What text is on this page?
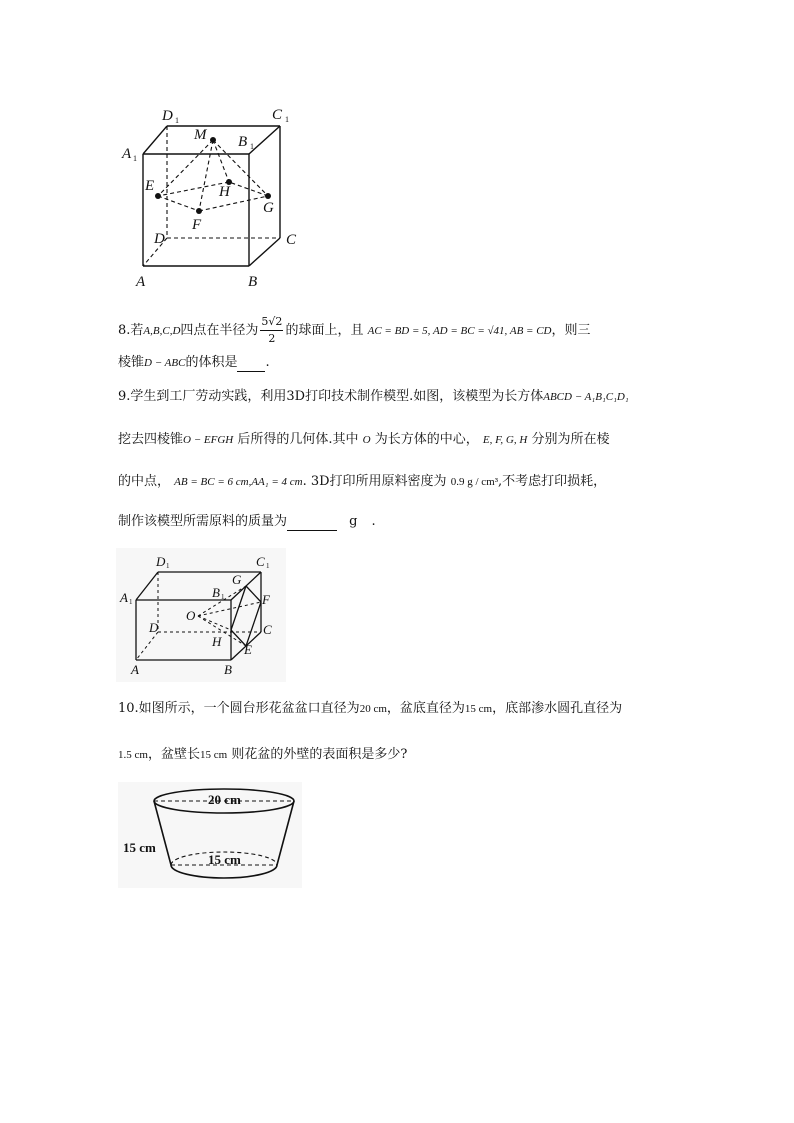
D 1	C 1
A 1
B 1
M
E	H
G
F
D	C
A	B
8.若A,B,C,D四点在半径为 $\frac{5√2}{2}$ 的球面上，且 AC = BD = 5, AD = BC = √41, AB = CD，则三
棱锥D − ABC的体积是 .
9.学生到工厂劳动实践，利用3D打印技术制作模型.如图，该模型为长方体ABCD − A₁B₁C₁D₁
挖去四棱锥O − EFGH 后所得的几何体.其中 O 为长方体的中心， E, F, G, H 分别为所在棱
的中点， AB = BC = 6 cm,AA₁ = 4 cm. 3D打印所用原料密度为 0.9 g / cm³,不考虑打印损耗，
制作该模型所需原料的质量为	g .
D 1	C 1
A 1
B 1
G
F
O
H
E
D	C
A	B
10.如图所示，一个圆台形花盆盆口直径为20 cm，盆底直径为15 cm，底部渗水圆孔直径为
1.5 cm，盆壁长15 cm 则花盆的外壁的表面积是多少?
20 cm
15 cm
15 cm
